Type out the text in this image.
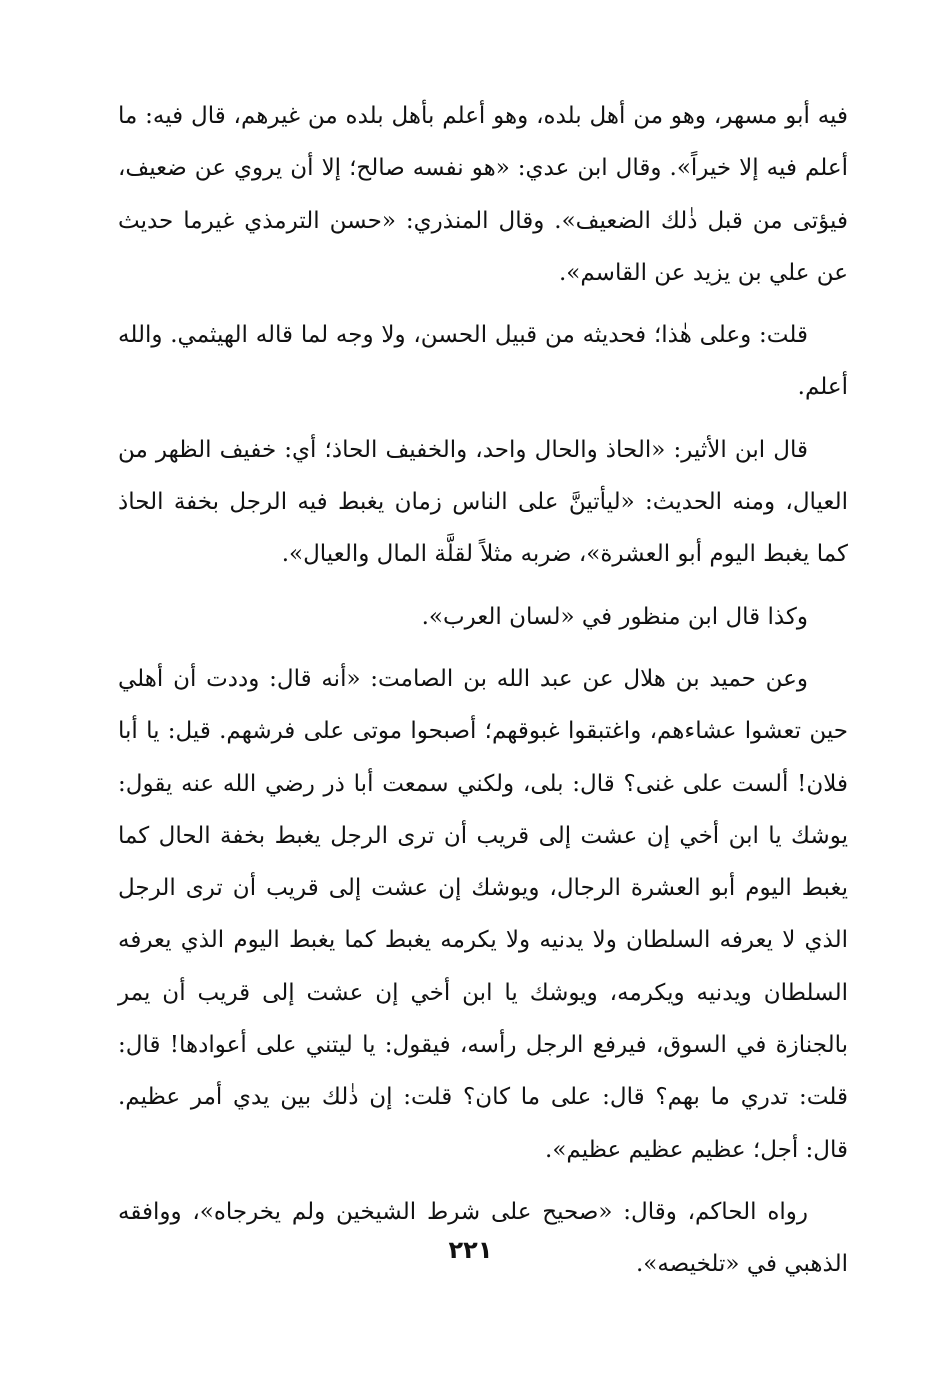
فيه أبو مسهر، وهو من أهل بلده، وهو أعلم بأهل بلده من غيرهم، قال فيه: ما أعلم فيه إلا خيراً». وقال ابن عدي: «هو نفسه صالح؛ إلا أن يروي عن ضعيف، فيؤتى من قبل ذٰلك الضعيف». وقال المنذري: «حسن الترمذي غيرما حديث عن علي بن يزيد عن القاسم».

قلت: وعلى هٰذا؛ فحديثه من قبيل الحسن، ولا وجه لما قاله الهيثمي. والله أعلم.

قال ابن الأثير: «الحاذ والحال واحد، والخفيف الحاذ؛ أي: خفيف الظهر من العيال، ومنه الحديث: «ليأتينَّ على الناس زمان يغبط فيه الرجل بخفة الحاذ كما يغبط اليوم أبو العشرة»، ضربه مثلاً لقلَّة المال والعيال».

وكذا قال ابن منظور في «لسان العرب».

وعن حميد بن هلال عن عبد الله بن الصامت: «أنه قال: وددت أن أهلي حين تعشوا عشاءهم، واغتبقوا غبوقهم؛ أصبحوا موتى على فرشهم. قيل: يا أبا فلان! ألست على غنى؟ قال: بلى، ولكني سمعت أبا ذر رضي الله عنه يقول: يوشك يا ابن أخي إن عشت إلى قريب أن ترى الرجل يغبط بخفة الحال كما يغبط اليوم أبو العشرة الرجال، ويوشك إن عشت إلى قريب أن ترى الرجل الذي لا يعرفه السلطان ولا يدنيه ولا يكرمه يغبط كما يغبط اليوم الذي يعرفه السلطان ويدنيه ويكرمه، ويوشك يا ابن أخي إن عشت إلى قريب أن يمر بالجنازة في السوق، فيرفع الرجل رأسه، فيقول: يا ليتني على أعوادها! قال: قلت: تدري ما بهم؟ قال: على ما كان؟ قلت: إن ذٰلك بين يدي أمر عظيم. قال: أجل؛ عظيم عظيم عظيم».

رواه الحاكم، وقال: «صحيح على شرط الشيخين ولم يخرجاه»، ووافقه الذهبي في «تلخيصه».

٢٢١
